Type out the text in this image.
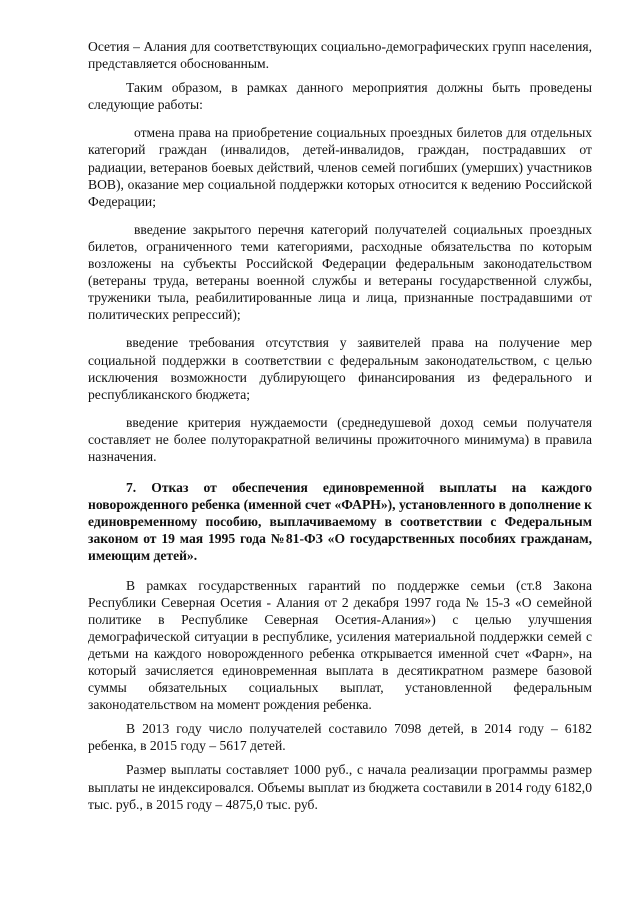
Осетия – Алания для соответствующих социально-демографических групп населения, представляется обоснованным.

Таким образом, в рамках данного мероприятия должны быть проведены следующие работы:

отмена права на приобретение социальных проездных билетов для отдельных категорий граждан (инвалидов, детей-инвалидов, граждан, пострадавших от радиации, ветеранов боевых действий, членов семей погибших (умерших) участников ВОВ), оказание мер социальной поддержки которых относится к ведению Российской Федерации;

введение закрытого перечня категорий получателей социальных проездных билетов, ограниченного теми категориями, расходные обязательства по которым возложены на субъекты Российской Федерации федеральным законодательством (ветераны труда, ветераны военной службы и ветераны государственной службы, труженики тыла, реабилитированные лица и лица, признанные пострадавшими от политических репрессий);

введение требования отсутствия у заявителей права на получение мер социальной поддержки в соответствии с федеральным законодательством, с целью исключения возможности дублирующего финансирования из федерального и республиканского бюджета;

введение критерия нуждаемости (среднедушевой доход семьи получателя составляет не более полуторакратной величины прожиточного минимума) в правила назначения.

7. Отказ от обеспечения единовременной выплаты на каждого новорожденного ребенка (именной счет «ФАРН»), установленного в дополнение к единовременному пособию, выплачиваемому в соответствии с Федеральным законом от 19 мая 1995 года №81-ФЗ «О государственных пособиях гражданам, имеющим детей».

В рамках государственных гарантий по поддержке семьи (ст.8 Закона Республики Северная Осетия - Алания от 2 декабря 1997 года № 15-З «О семейной политике в Республике Северная Осетия-Алания») с целью улучшения демографической ситуации в республике, усиления материальной поддержки семей с детьми на каждого новорожденного ребенка открывается именной счет «Фарн», на который зачисляется единовременная выплата в десятикратном размере базовой суммы обязательных социальных выплат, установленной федеральным законодательством на момент рождения ребенка.

В 2013 году число получателей составило 7098 детей, в 2014 году – 6182 ребенка, в 2015 году – 5617 детей.

Размер выплаты составляет 1000 руб., с начала реализации программы размер выплаты не индексировался. Объемы выплат из бюджета составили в 2014 году 6182,0 тыс. руб., в 2015 году – 4875,0 тыс. руб.
